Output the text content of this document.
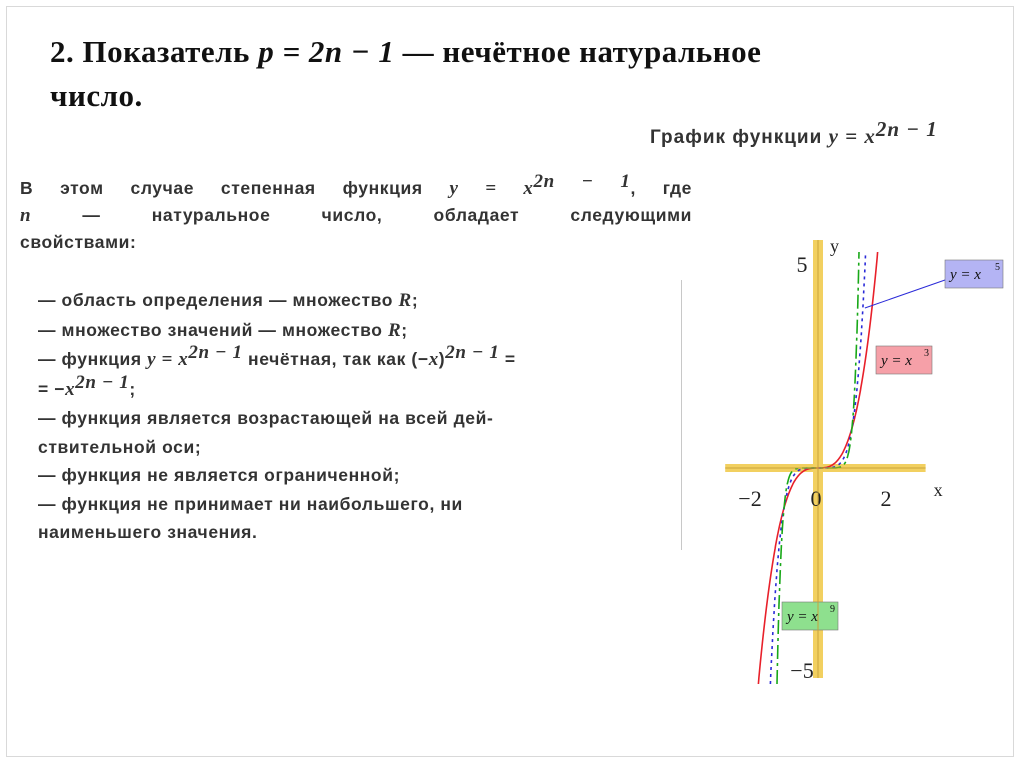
2. Показатель p = 2n − 1 — нечётное натуральное
число.
График функции $y = x^{2n - 1}$
В этом случае степенная функция $y = x^{2n - 1}$, где
n — натуральное число, обладает следующими
свойствами:
— область определения — множество R;
— множество значений — множество R;
— функция $y = x^{2n - 1}$ нечётная, так как $(-x)^{2n - 1}$ =
= $-x^{2n - 1}$;
— функция является возрастающей на всей дей-
ствительной оси;
— функция не является ограниченной;
— функция не принимает ни наибольшего, ни
наименьшего значения.
−2 0	2
5
−5
x
y
y = x 3
y = x 5
y = x 9
